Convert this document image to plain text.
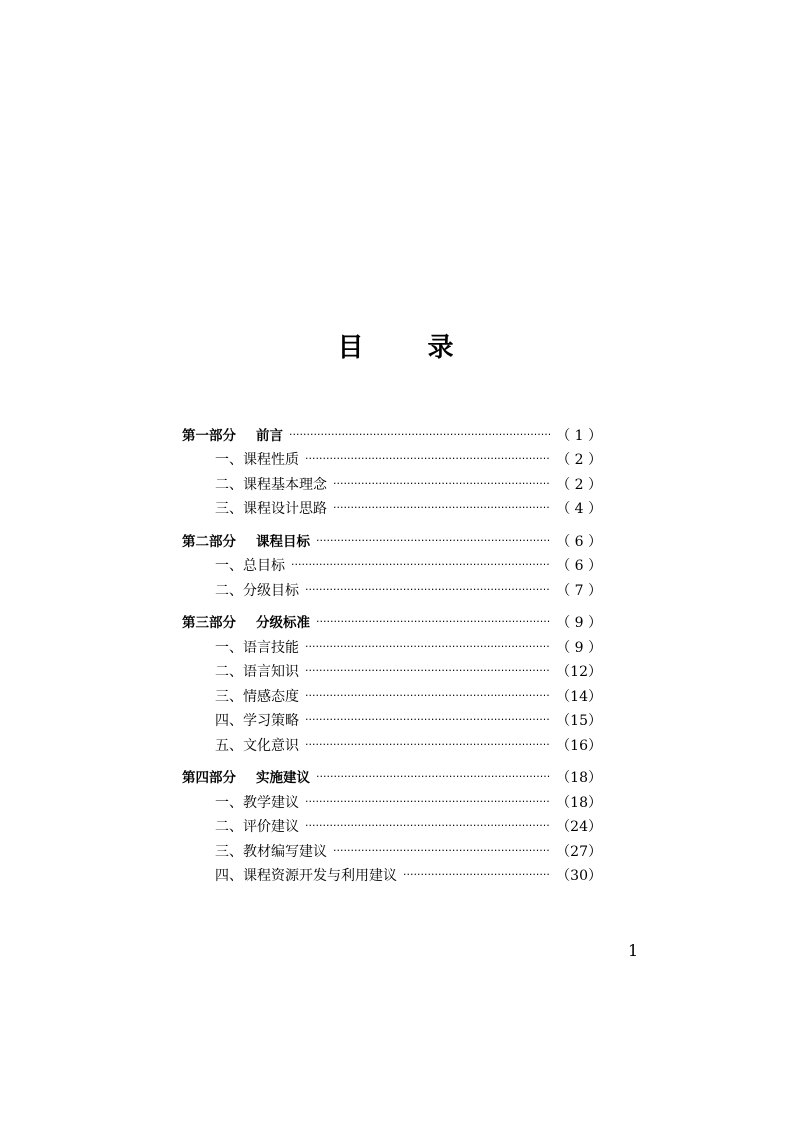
目 录
第一部分 前言 ·····	（ 1 ）
一、课程性质 ·····	（ 2 ）
二、课程基本理念 ·····	（ 2 ）
三、课程设计思路 ·····	（ 4 ）
第二部分 课程目标 ·····	（ 6 ）
一、总目标 ·····	（ 6 ）
二、分级目标 ·····	（ 7 ）
第三部分 分级标准 ·····	（ 9 ）
一、语言技能 ·····	（ 9 ）
二、语言知识 ·····	（12）
三、情感态度 ·····	（14）
四、学习策略 ·····	（15）
五、文化意识 ·····	（16）
第四部分 实施建议 ·····	（18）
一、教学建议 ·····	（18）
二、评价建议 ·····	（24）
三、教材编写建议 ·····	（27）
四、课程资源开发与利用建议 ·····	（30）
1
